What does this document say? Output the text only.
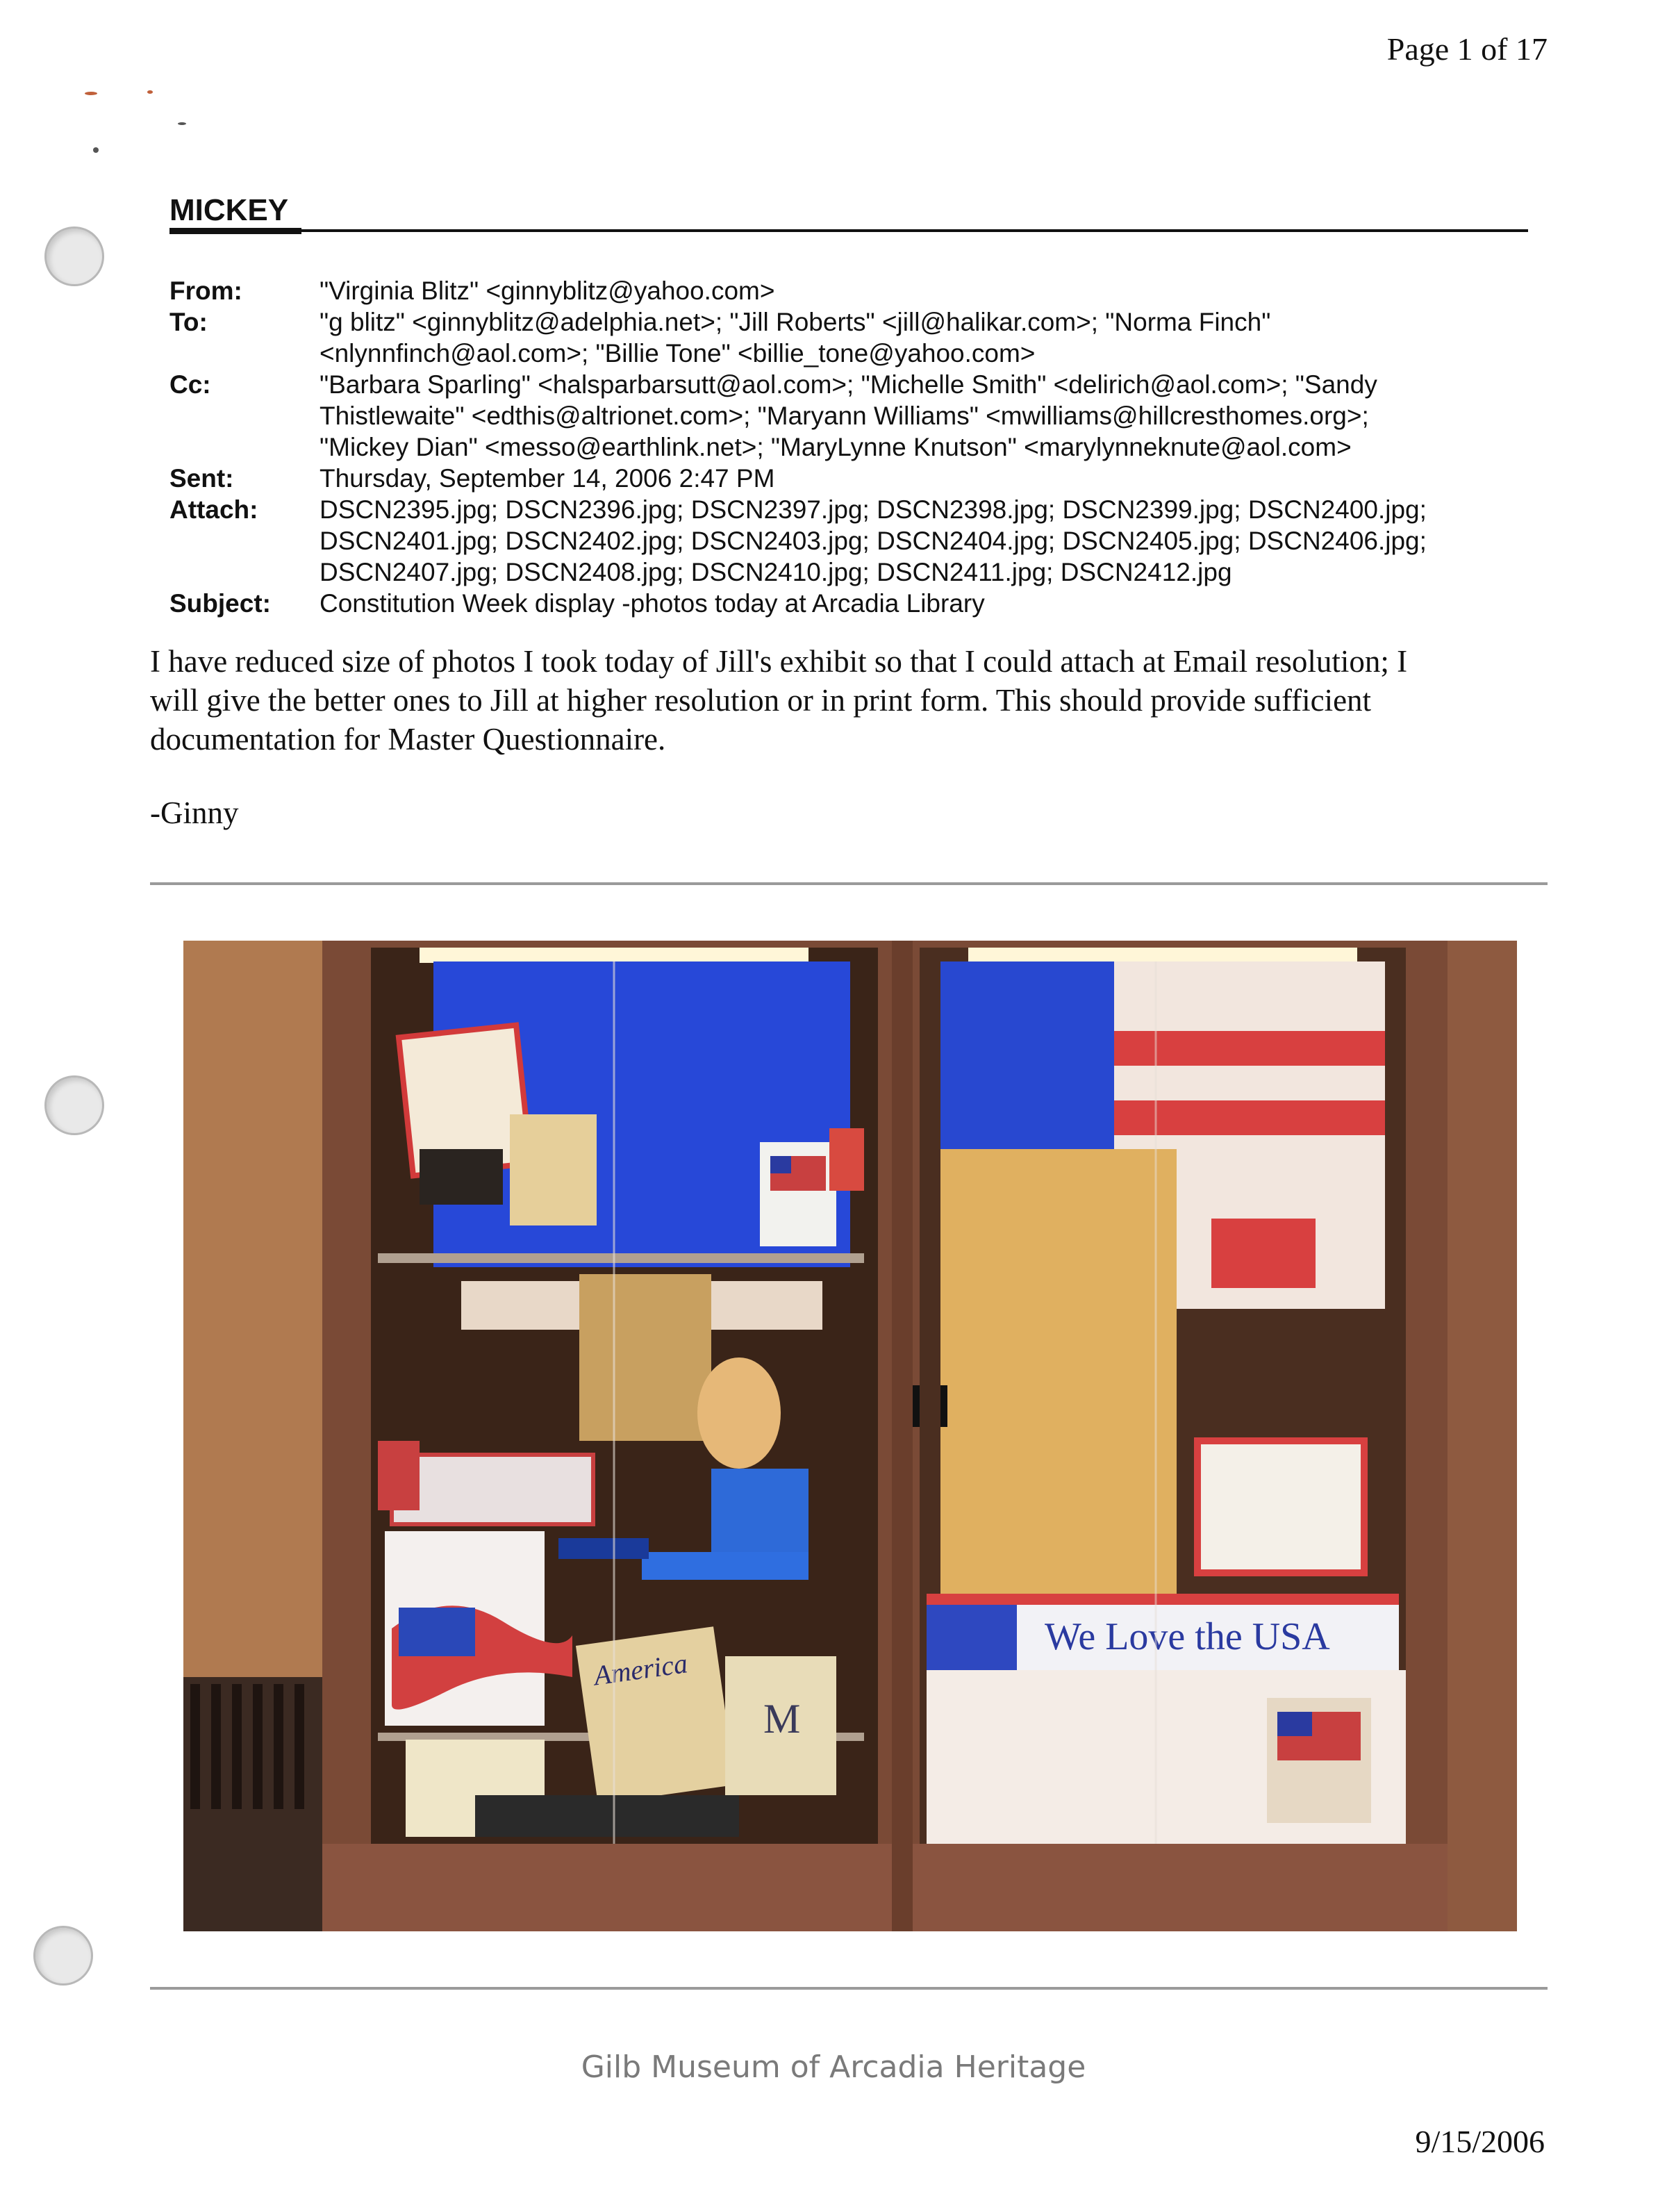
Page 1 of 17
MICKEY
From:	"Virginia Blitz" <ginnyblitz@yahoo.com>
To:	"g blitz" <ginnyblitz@adelphia.net>; "Jill Roberts" <jill@halikar.com>; "Norma Finch"
<nlynnfinch@aol.com>; "Billie Tone" <billie_tone@yahoo.com>
Cc:	"Barbara Sparling" <halsparbarsutt@aol.com>; "Michelle Smith" <delirich@aol.com>; "Sandy
Thistlewaite" <edthis@altrionet.com>; "Maryann Williams" <mwilliams@hillcresthomes.org>;
"Mickey Dian" <messo@earthlink.net>; "MaryLynne Knutson" <marylynneknute@aol.com>
Sent:	Thursday, September 14, 2006 2:47 PM
Attach:	DSCN2395.jpg; DSCN2396.jpg; DSCN2397.jpg; DSCN2398.jpg; DSCN2399.jpg; DSCN2400.jpg;
DSCN2401.jpg; DSCN2402.jpg; DSCN2403.jpg; DSCN2404.jpg; DSCN2405.jpg; DSCN2406.jpg;
DSCN2407.jpg; DSCN2408.jpg; DSCN2410.jpg; DSCN2411.jpg; DSCN2412.jpg
Subject:	Constitution Week display -photos today at Arcadia Library
I have reduced size of photos I took today of Jill's exhibit so that I could attach at Email resolution; I
will give the better ones to Jill at higher resolution or in print form. This should provide sufficient
documentation for Master Questionnaire.
-Ginny
America
M
We Love the USA
Gilb Museum of Arcadia Heritage
9/15/2006
